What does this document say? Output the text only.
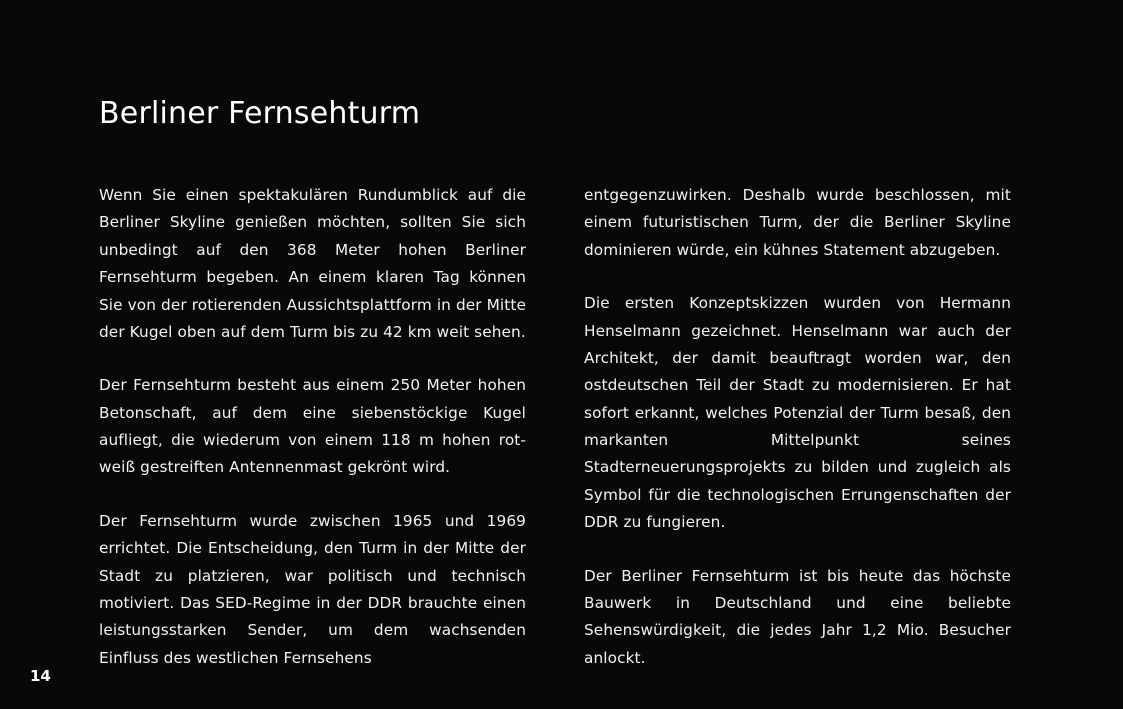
Berliner Fernsehturm

Wenn Sie einen spektakulären Rundumblick auf die Berliner Skyline genießen möchten, sollten Sie sich unbedingt auf den 368 Meter hohen Berliner Fernsehturm begeben. An einem klaren Tag können Sie von der rotierenden Aussichtsplattform in der Mitte der Kugel oben auf dem Turm bis zu 42 km weit sehen.

Der Fernsehturm besteht aus einem 250 Meter hohen Betonschaft, auf dem eine siebenstöckige Kugel aufliegt, die wiederum von einem 118 m hohen rot-weiß gestreiften Antennenmast gekrönt wird.

Der Fernsehturm wurde zwischen 1965 und 1969 errichtet. Die Entscheidung, den Turm in der Mitte der Stadt zu platzieren, war politisch und technisch motiviert. Das SED-Regime in der DDR brauchte einen leistungsstarken Sender, um dem wachsenden Einfluss des westlichen Fernsehens

entgegenzuwirken. Deshalb wurde beschlossen, mit einem futuristischen Turm, der die Berliner Skyline dominieren würde, ein kühnes Statement abzugeben.

Die ersten Konzeptskizzen wurden von Hermann Henselmann gezeichnet. Henselmann war auch der Architekt, der damit beauftragt worden war, den ostdeutschen Teil der Stadt zu modernisieren. Er hat sofort erkannt, welches Potenzial der Turm besaß, den markanten Mittelpunkt seines Stadterneuerungsprojekts zu bilden und zugleich als Symbol für die technologischen Errungenschaften der DDR zu fungieren.

Der Berliner Fernsehturm ist bis heute das höchste Bauwerk in Deutschland und eine beliebte Sehenswürdigkeit, die jedes Jahr 1,2 Mio. Besucher anlockt.

14
